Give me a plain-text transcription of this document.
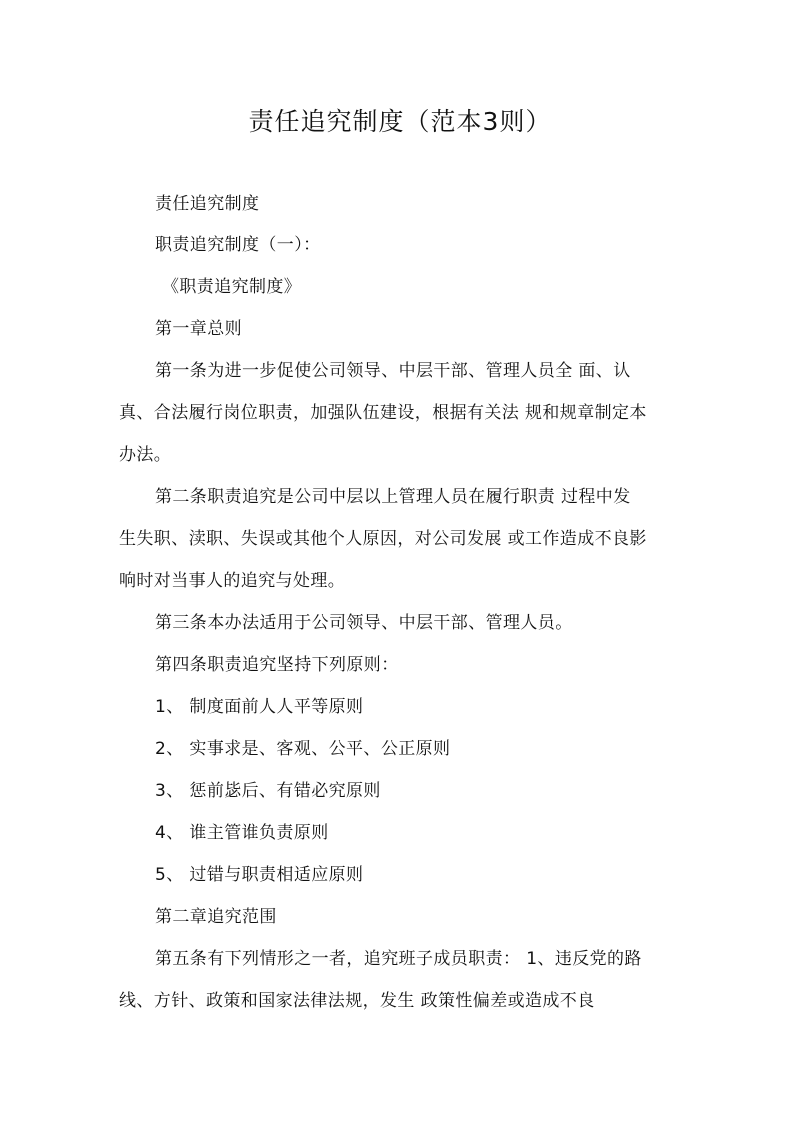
责任追究制度（范本3则）
责任追究制度
职责追究制度（一）：
《职责追究制度》
第一章总则
第一条为进一步促使公司领导、中层干部、管理人员全 面、认
真、合法履行岗位职责，加强队伍建设，根据有关法 规和规章制定本
办法。
第二条职责追究是公司中层以上管理人员在履行职责 过程中发
生失职、渎职、失误或其他个人原因，对公司发展 或工作造成不良影
响时对当事人的追究与处理。
第三条本办法适用于公司领导、中层干部、管理人员。
第四条职责追究坚持下列原则：
1、 制度面前人人平等原则
2、 实事求是、客观、公平、公正原则
3、 惩前毖后、有错必究原则
4、 谁主管谁负责原则
5、 过错与职责相适应原则
第二章追究范围
第五条有下列情形之一者，追究班子成员职责： 1、违反党的路
线、方针、政策和国家法律法规，发生 政策性偏差或造成不良
